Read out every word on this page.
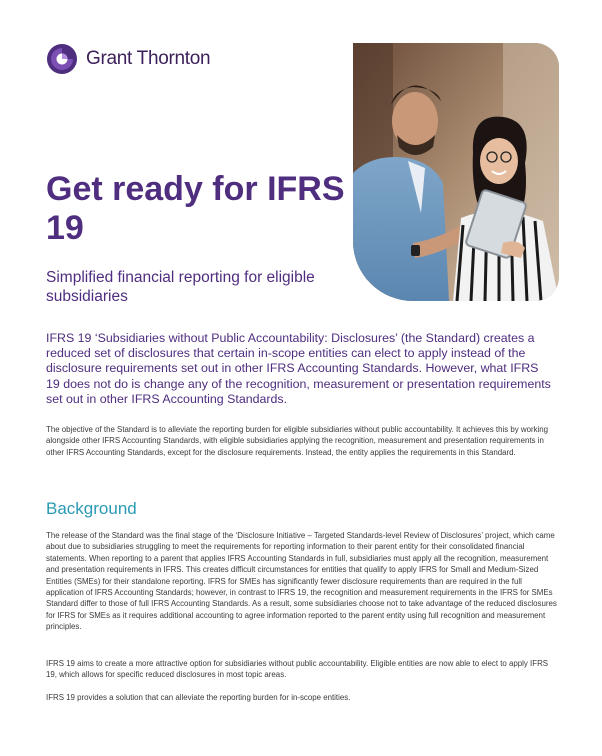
Grant Thornton
Get ready for IFRS 19

Simplified financial reporting for eligible subsidiaries

IFRS 19 ‘Subsidiaries without Public Accountability: Disclosures’ (the Standard) creates a reduced set of disclosures that certain in-scope entities can elect to apply instead of the disclosure requirements set out in other IFRS Accounting Standards. However, what IFRS 19 does not do is change any of the recognition, measurement or presentation requirements set out in other IFRS Accounting Standards.

The objective of the Standard is to alleviate the reporting burden for eligible subsidiaries without public accountability. It achieves this by working alongside other IFRS Accounting Standards, with eligible subsidiaries applying the recognition, measurement and presentation requirements in other IFRS Accounting Standards, except for the disclosure requirements. Instead, the entity applies the requirements in this Standard.

Background

The release of the Standard was the final stage of the ‘Disclosure Initiative – Targeted Standards-level Review of Disclosures’ project, which came about due to subsidiaries struggling to meet the requirements for reporting information to their parent entity for their consolidated financial statements. When reporting to a parent that applies IFRS Accounting Standards in full, subsidiaries must apply all the recognition, measurement and presentation requirements in IFRS. This creates difficult circumstances for entities that qualify to apply IFRS for Small and Medium-Sized Entities (SMEs) for their standalone reporting. IFRS for SMEs has significantly fewer disclosure requirements than are required in the full application of IFRS Accounting Standards; however, in contrast to IFRS 19, the recognition and measurement requirements in the IFRS for SMEs Standard differ to those of full IFRS Accounting Standards. As a result, some subsidiaries choose not to take advantage of the reduced disclosures for IFRS for SMEs as it requires additional accounting to agree information reported to the parent entity using full recognition and measurement principles.

IFRS 19 aims to create a more attractive option for subsidiaries without public accountability. Eligible entities are now able to elect to apply IFRS 19, which allows for specific reduced disclosures in most topic areas.

IFRS 19 provides a solution that can alleviate the reporting burden for in-scope entities.
